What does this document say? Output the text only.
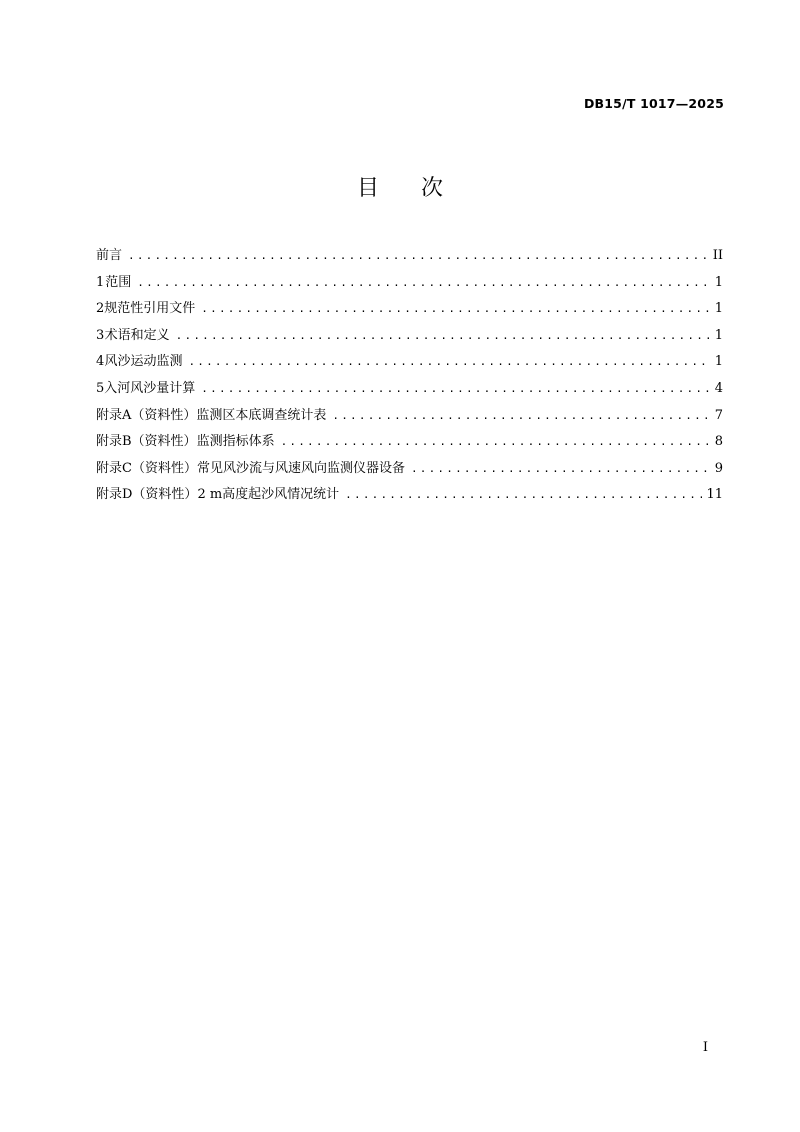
DB15/T 1017—2025
目 次
前言 .....	II
1 范围 .....	1
2 规范性引用文件 .....	1
3 术语和定义 .....	1
4 风沙运动监测 .....	1
5 入河风沙量计算 .....	4
附录A（资料性） 监测区本底调查统计表 .....	7
附录B（资料性） 监测指标体系 .....	8
附录C（资料性） 常见风沙流与风速风向监测仪器设备 .....	9
附录D（资料性） 2 m高度起沙风情况统计 .....	11
I
